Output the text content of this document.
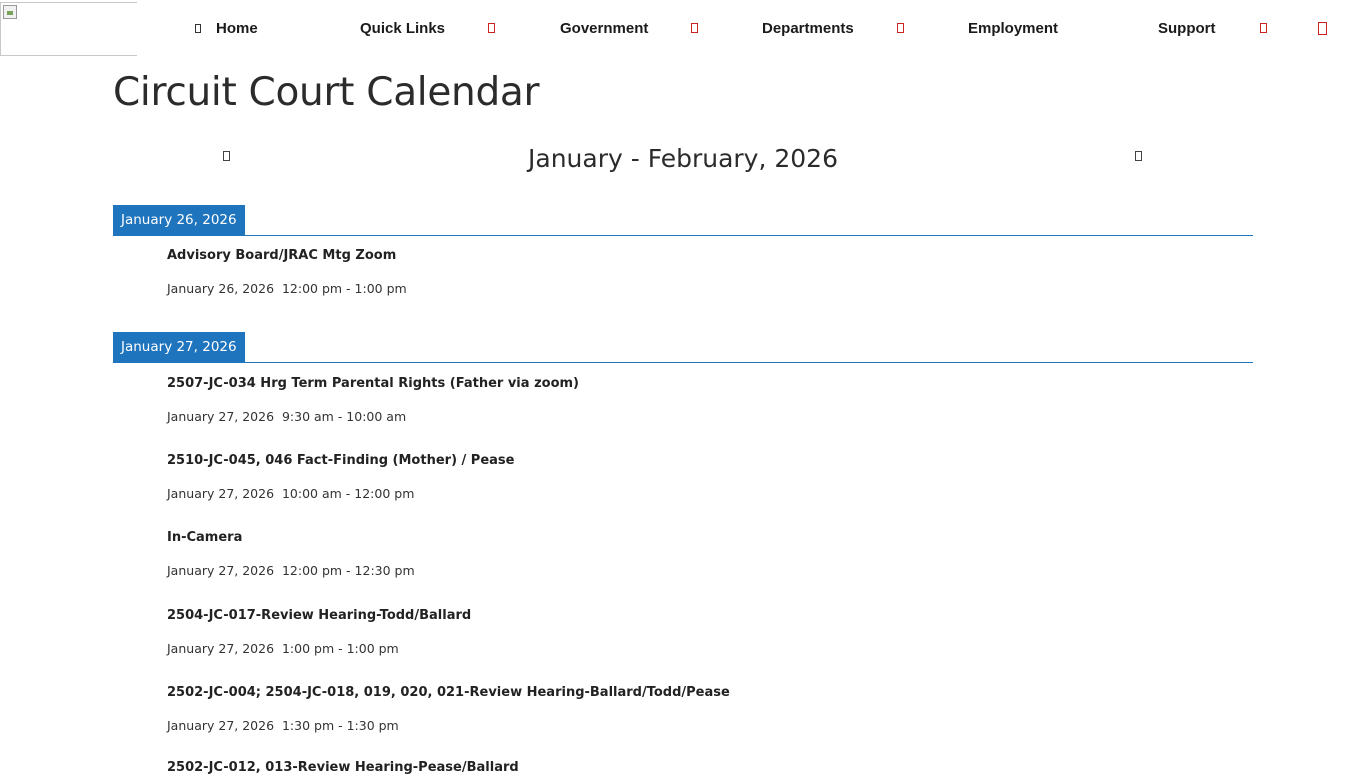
Home	Quick Links	Government	Departments	Employment	Support
Circuit Court Calendar
January - February, 2026
January 26, 2026
Advisory Board/JRAC Mtg Zoom
January 26, 2026  12:00 pm - 1:00 pm
January 27, 2026
2507-JC-034 Hrg Term Parental Rights (Father via zoom)
January 27, 2026  9:30 am - 10:00 am
2510-JC-045, 046 Fact-Finding (Mother) / Pease
January 27, 2026  10:00 am - 12:00 pm
In-Camera
January 27, 2026  12:00 pm - 12:30 pm
2504-JC-017-Review Hearing-Todd/Ballard
January 27, 2026  1:00 pm - 1:00 pm
2502-JC-004; 2504-JC-018, 019, 020, 021-Review Hearing-Ballard/Todd/Pease
January 27, 2026  1:30 pm - 1:30 pm
2502-JC-012, 013-Review Hearing-Pease/Ballard
